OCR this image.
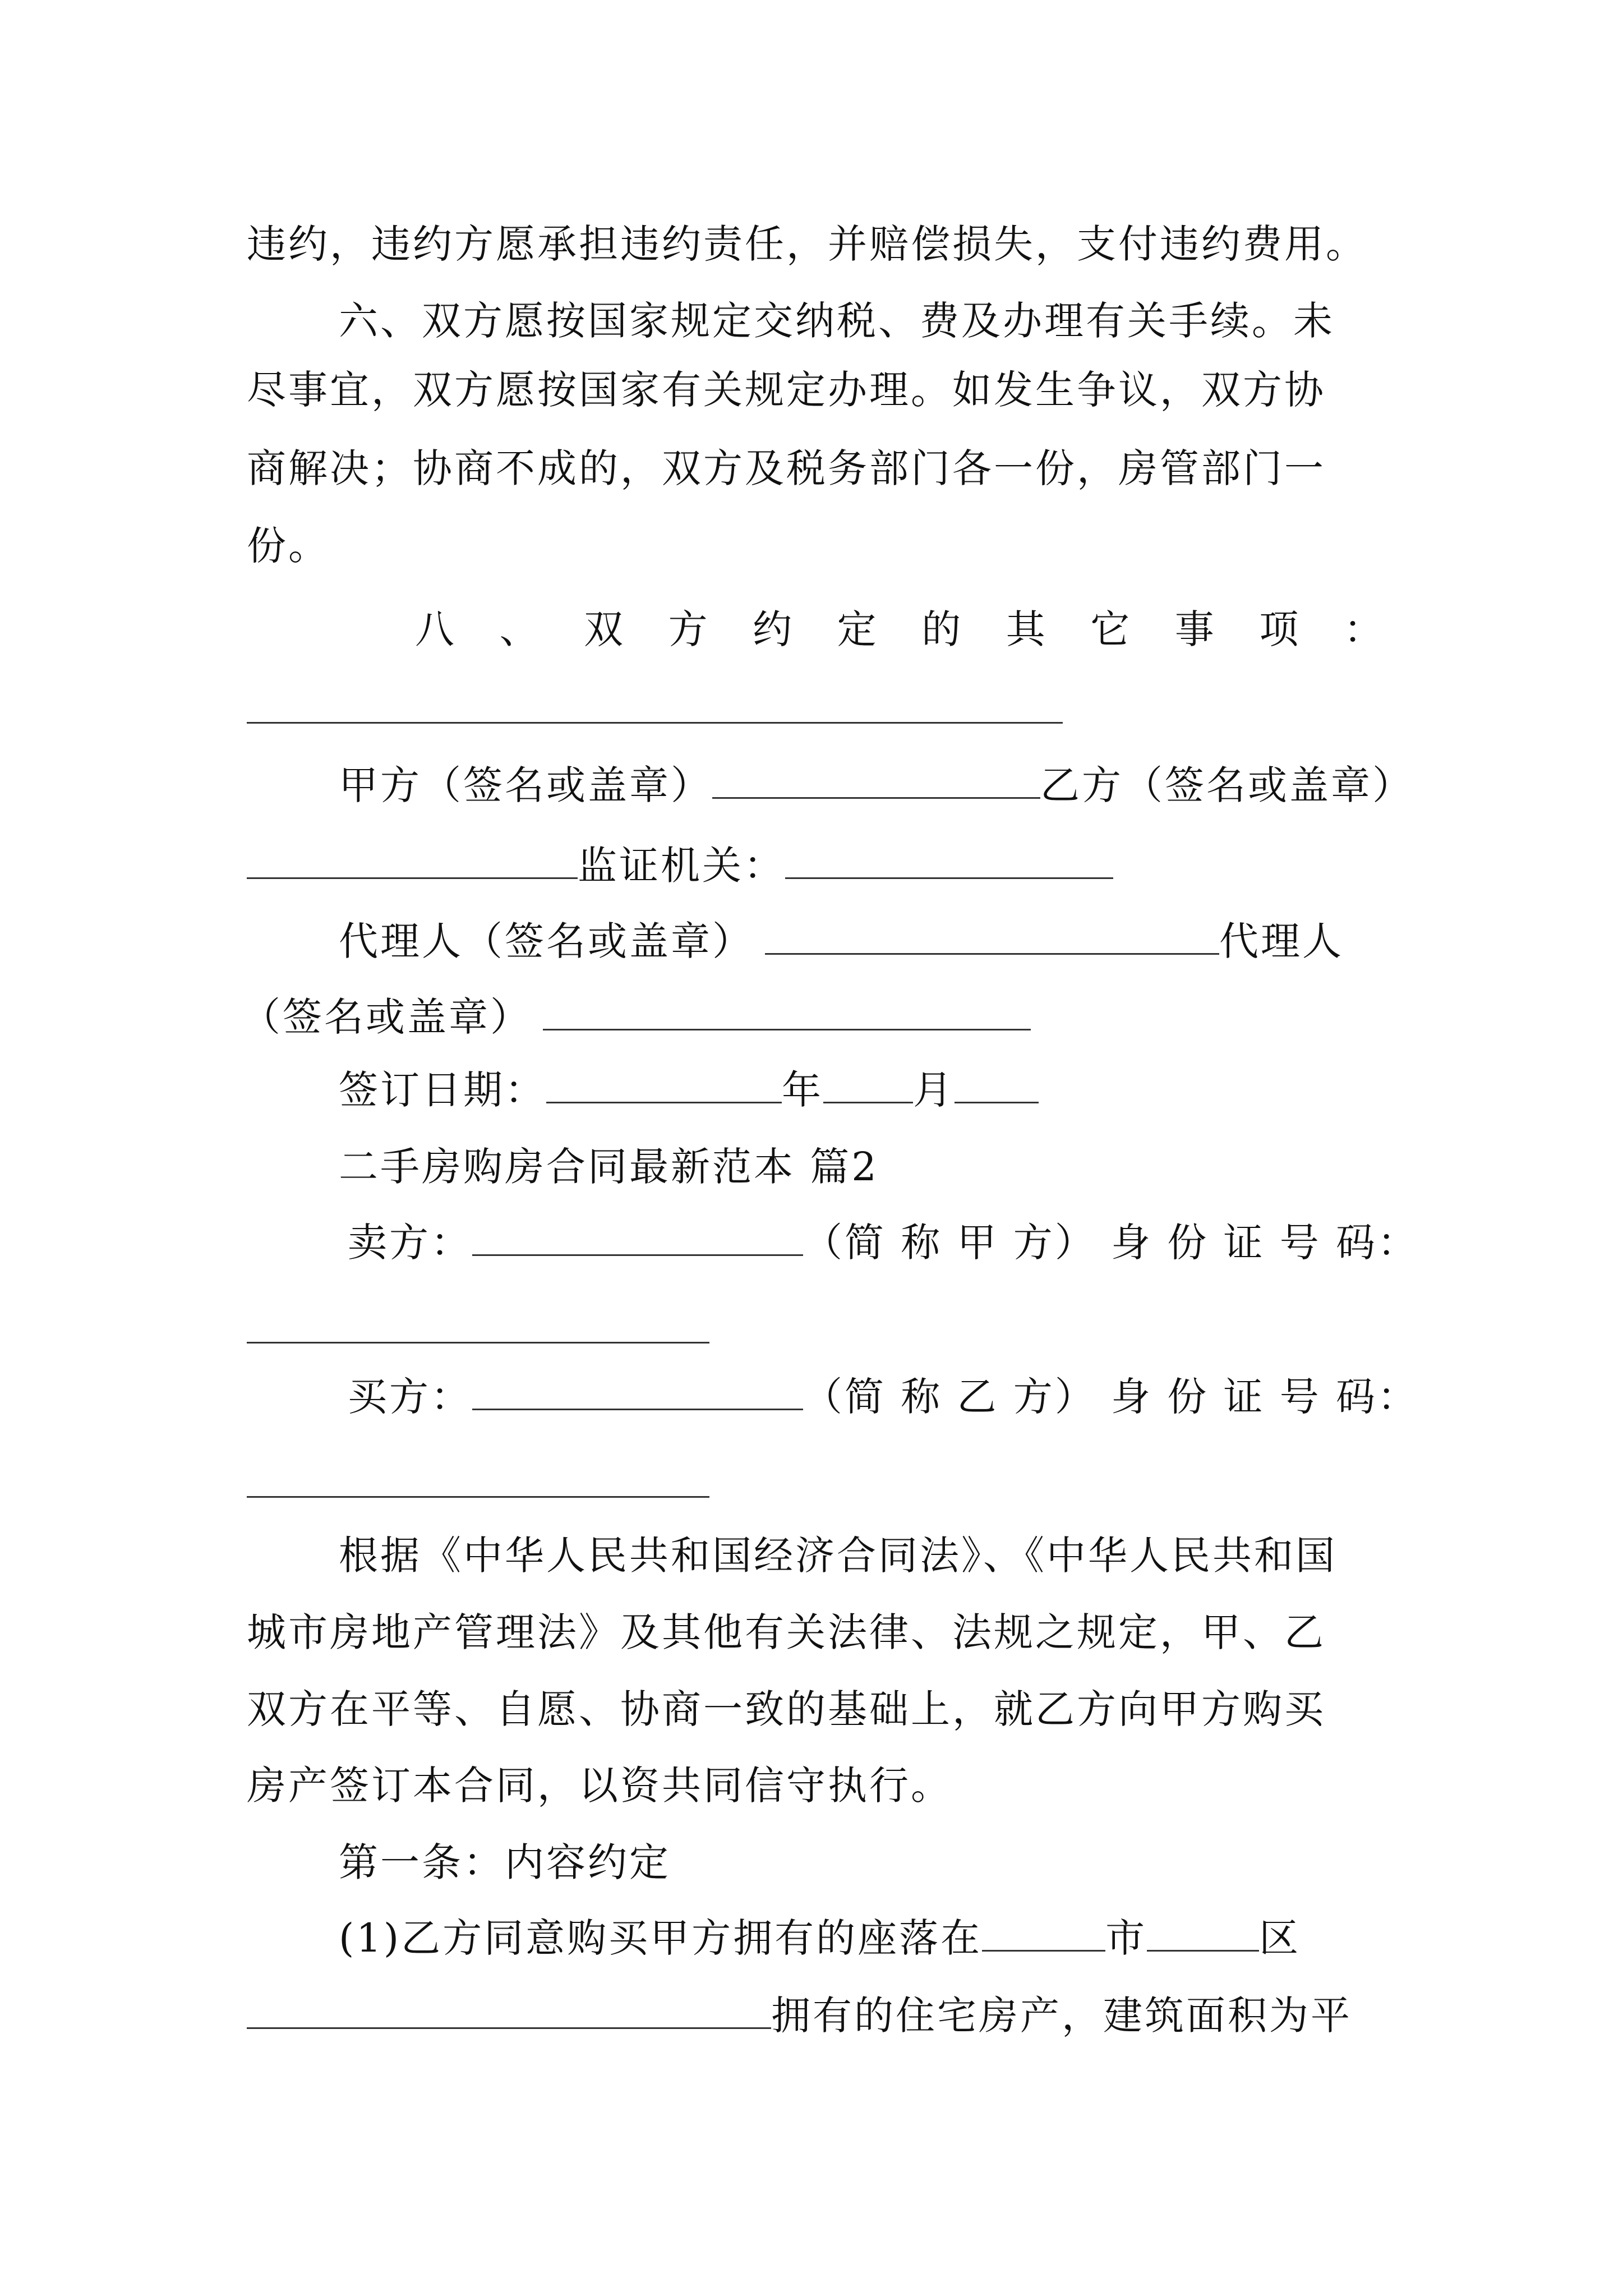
违约，违约方愿承担违约责任，并赔偿损失，支付违约费用。
六、双方愿按国家规定交纳税、费及办理有关手续。未
尽事宜，双方愿按国家有关规定办理。如发生争议，双方协
商解决；协商不成的，双方及税务部门各一份，房管部门一
份。
八 、 双 方 约 定 的 其 它 事 项 ：
甲方（签名或盖章）	乙方（签名或盖章）
监证机关：
代理人（签名或盖章）	代理人
（签名或盖章）
签订日期：	年 月
二手房购房合同最新范本 篇2
卖方：	（简 称 甲 方） 身 份 证 号 码：
买方：	（简 称 乙 方） 身 份 证 号 码：
根据《中华人民共和国经济合同法》、《中华人民共和国
城市房地产管理法》及其他有关法律、法规之规定，甲、乙
双方在平等、自愿、协商一致的基础上，就乙方向甲方购买
房产签订本合同，以资共同信守执行。
第一条：内容约定
(1)乙方同意购买甲方拥有的座落在	市	区
拥有的住宅房产，建筑面积为平
